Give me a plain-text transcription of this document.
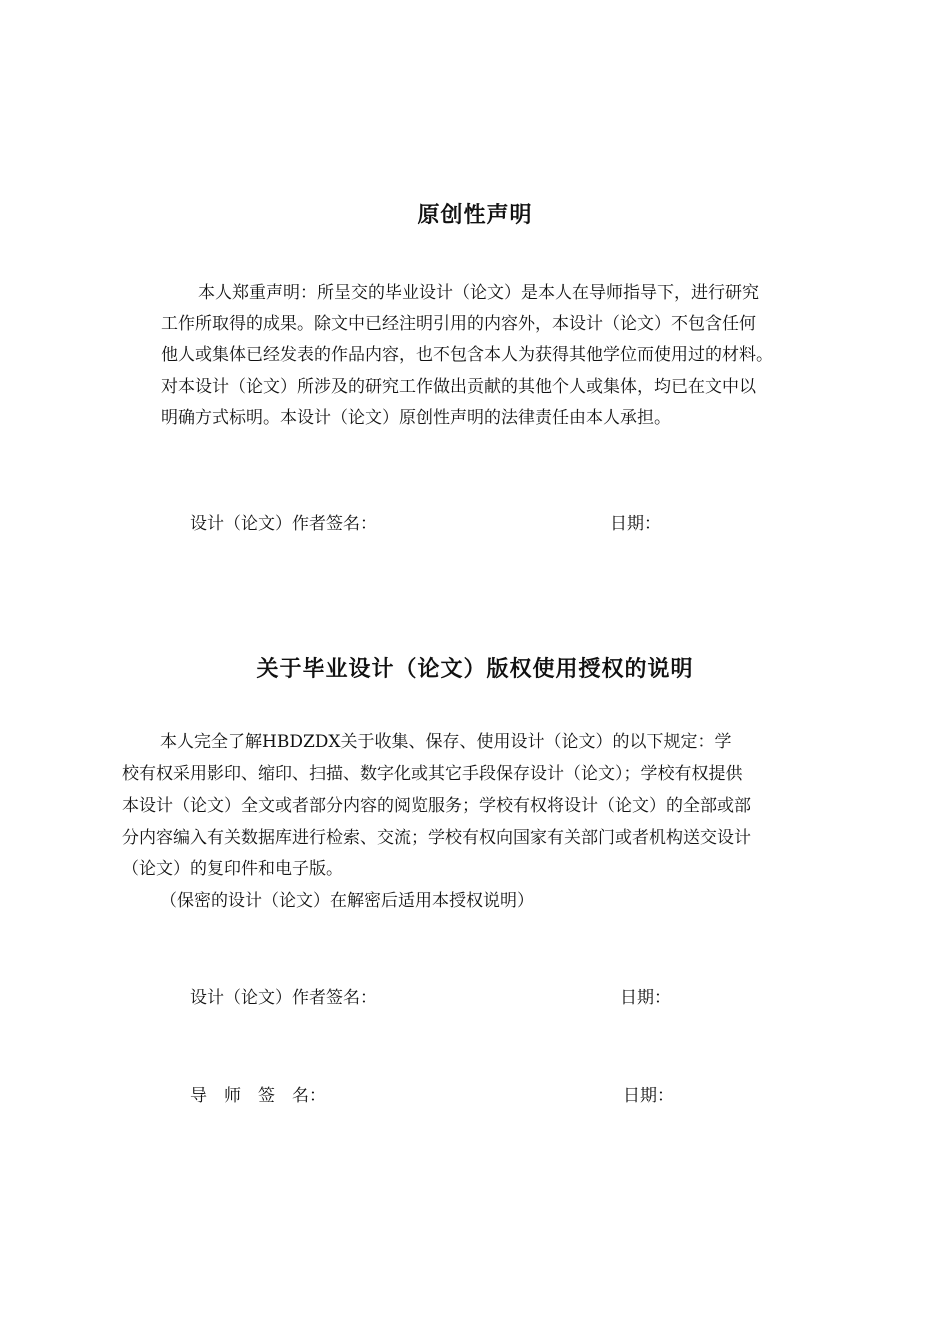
原创性声明
本人郑重声明：所呈交的毕业设计（论文）是本人在导师指导下，进行研究
工作所取得的成果。除文中已经注明引用的内容外，本设计（论文）不包含任何
他人或集体已经发表的作品内容，也不包含本人为获得其他学位而使用过的材料。
对本设计（论文）所涉及的研究工作做出贡献的其他个人或集体，均已在文中以
明确方式标明。本设计（论文）原创性声明的法律责任由本人承担。
设计（论文）作者签名：	日期：
关于毕业设计（论文）版权使用授权的说明
本人完全了解HBDZDX关于收集、保存、使用设计（论文）的以下规定：学
校有权采用影印、缩印、扫描、数字化或其它手段保存设计（论文）；学校有权提供
本设计（论文）全文或者部分内容的阅览服务；学校有权将设计（论文）的全部或部
分内容编入有关数据库进行检索、交流；学校有权向国家有关部门或者机构送交设计
（论文）的复印件和电子版。
（保密的设计（论文）在解密后适用本授权说明）
设计（论文）作者签名：	日期：
导　师　签　名：	日期：
